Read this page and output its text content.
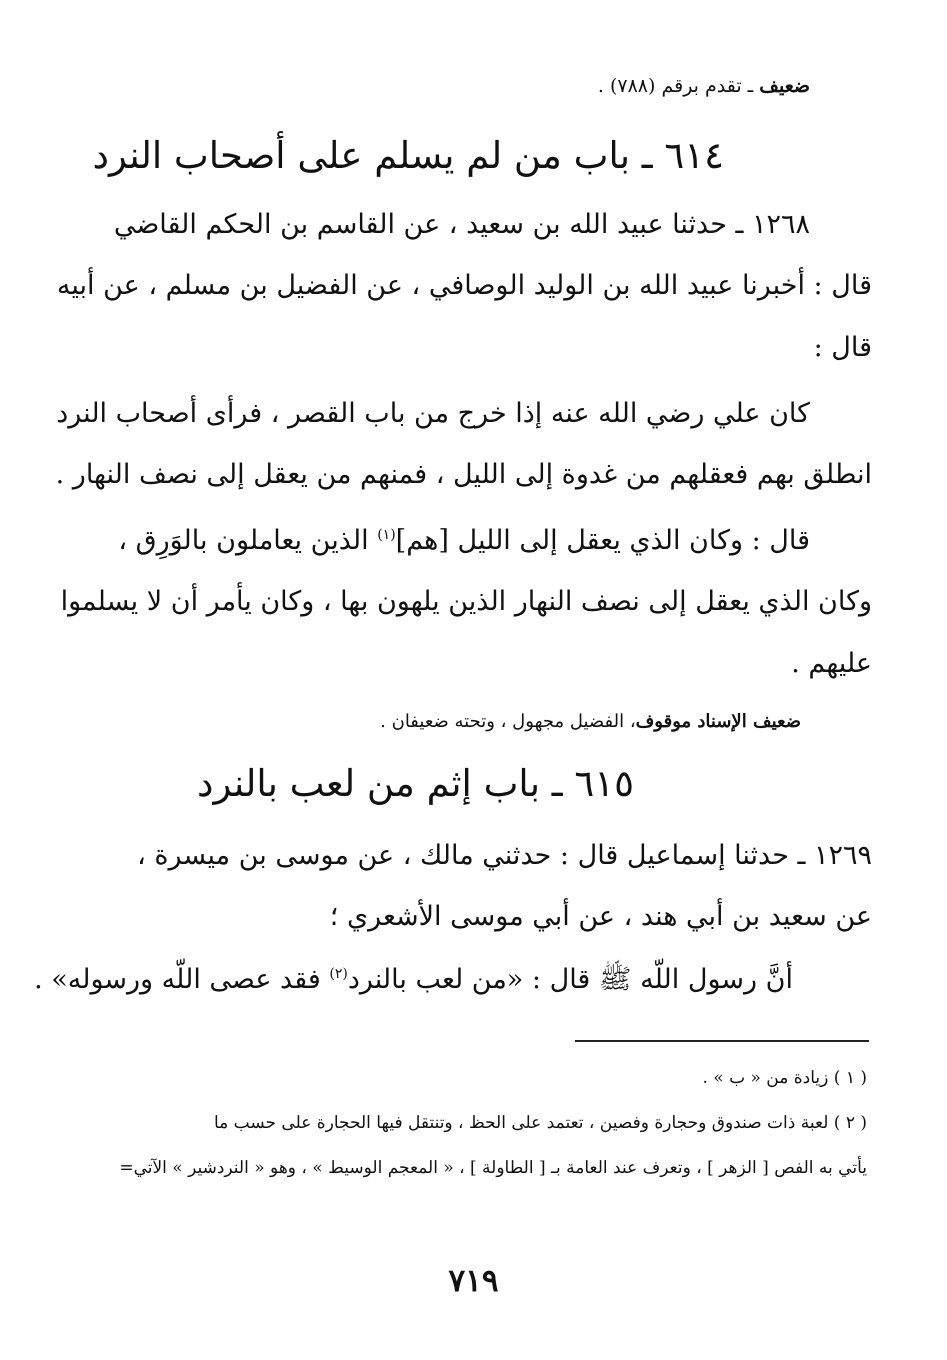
ضعيف ـ تقدم برقم (٧٨٨) .
٦١٤ ـ باب من لم يسلم على أصحاب النرد
١٢٦٨ ـ حدثنا عبيد الله بن سعيد ، عن القاسم بن الحكم القاضي
قال : أخبرنا عبيد الله بن الوليد الوصافي ، عن الفضيل بن مسلم ، عن أبيه
قال :
كان علي رضي الله عنه إذا خرج من باب القصر ، فرأى أصحاب النرد
انطلق بهم فعقلهم من غدوة إلى الليل ، فمنهم من يعقل إلى نصف النهار .
قال : وكان الذي يعقل إلى الليل [هم]$^{(١)}$ الذين يعاملون بالوَرِق ،
وكان الذي يعقل إلى نصف النهار الذين يلهون بها ، وكان يأمر أن لا يسلموا
عليهم .
ضعيف الإسناد موقوف، الفضيل مجهول ، وتحته ضعيفان .
٦١٥ ـ باب إثم من لعب بالنرد
١٢٦٩ ـ حدثنا إسماعيل قال : حدثني مالك ، عن موسى بن ميسرة ،
عن سعيد بن أبي هند ، عن أبي موسى الأشعري ؛
أنَّ رسول اللّه ﷺ قال : «من لعب بالنرد$^{(٢)}$ فقد عصى اللّه ورسوله» .
( ١ ) زيادة من « ب » .
( ٢ ) لعبة ذات صندوق وحجارة وفصين ، تعتمد على الحظ ، وتنتقل فيها الحجارة على حسب ما
يأتي به الفص [ الزهر ] ، وتعرف عند العامة بـ [ الطاولة ] ، « المعجم الوسيط » ، وهو « النردشير » الآتي=
٧١٩
